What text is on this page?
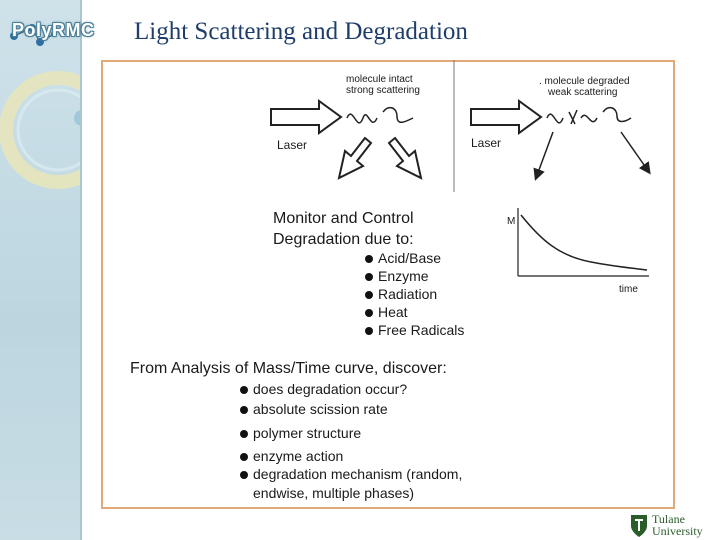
PolyRMC Light Scattering and Degradation
molecule intact
strong scattering
Laser
. molecule degraded
weak scattering
Laser
M
time
Monitor and Control
Degradation due to:
Acid/Base
Enzyme
Radiation
Heat
Free Radicals
From Analysis of Mass/Time curve, discover:
does degradation occur?
absolute scission rate
polymer structure
enzyme action
degradation mechanism (random,
endwise, multiple phases)
Tulane
University
